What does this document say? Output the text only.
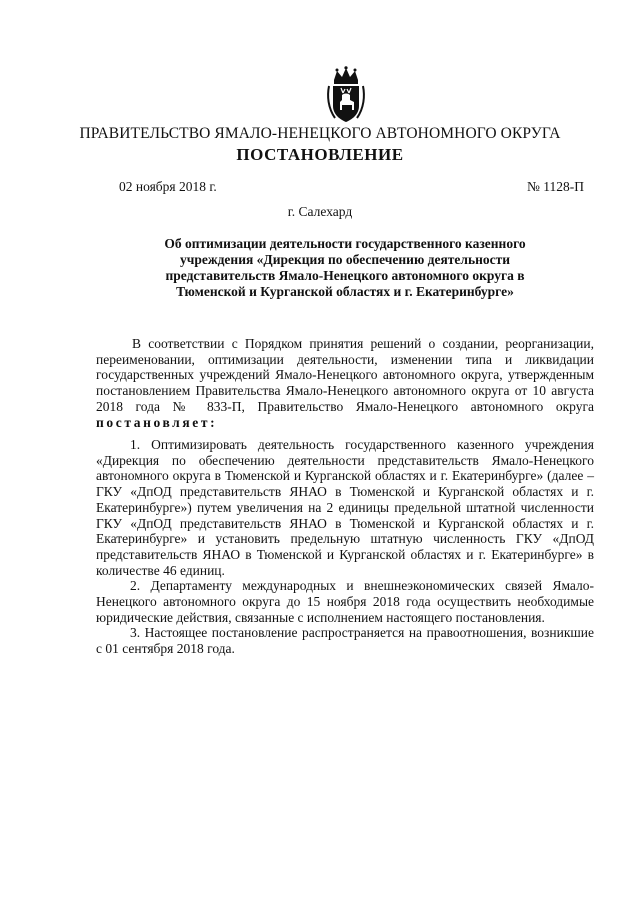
ПРАВИТЕЛЬСТВО ЯМАЛО-НЕНЕЦКОГО АВТОНОМНОГО ОКРУГА
ПОСТАНОВЛЕНИЕ
02 ноября 2018 г.	№ 1128-П
г. Салехард
Об оптимизации деятельности государственного казенного учреждения «Дирекция по обеспечению деятельности представительств Ямало-Ненецкого автономного округа в Тюменской и Курганской областях и г. Екатеринбурге»
В соответствии с Порядком принятия решений о создании, реорганизации, переименовании, оптимизации деятельности, изменении типа и ликвидации государственных учреждений Ямало-Ненецкого автономного округа, утвержденным постановлением Правительства Ямало-Ненецкого автономного округа от 10 августа 2018 года № 833-П, Правительство Ямало-Ненецкого автономного округа постановляет:

1. Оптимизировать деятельность государственного казенного учреждения «Дирекция по обеспечению деятельности представительств Ямало-Ненецкого автономного округа в Тюменской и Курганской областях и г. Екатеринбурге» (далее – ГКУ «ДпОД представительств ЯНАО в Тюменской и Курганской областях и г. Екатеринбурге») путем увеличения на 2 единицы предельной штатной численности ГКУ «ДпОД представительств ЯНАО в Тюменской и Курганской областях и г. Екатеринбурге» и установить предельную штатную численность ГКУ «ДпОД представительств ЯНАО в Тюменской и Курганской областях и г. Екатеринбурге» в количестве 46 единиц.

2. Департаменту международных и внешнеэкономических связей Ямало-Ненецкого автономного округа до 15 ноября 2018 года осуществить необходимые юридические действия, связанные с исполнением настоящего постановления.

3. Настоящее постановление распространяется на правоотношения, возникшие с 01 сентября 2018 года.
